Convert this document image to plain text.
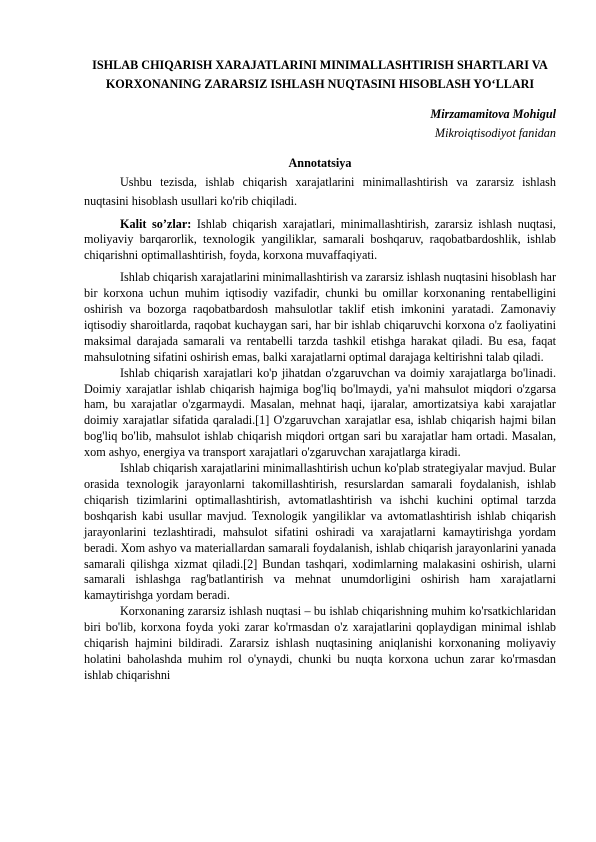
ISHLAB CHIQARISH XARAJATLARINI MINIMALLASHTIRISH SHARTLARI VA KORXONANING ZARARSIZ ISHLASH NUQTASINI HISOBLASH YO‘LLARI
Mirzamamitova Mohigul
Mikroiqtisodiyot fanidan
Annotatsiya

Ushbu tezisda, ishlab chiqarish xarajatlarini minimallashtirish va zararsiz ishlash nuqtasini hisoblash usullari ko'rib chiqiladi.

Kalit so’zlar: Ishlab chiqarish xarajatlari, minimallashtirish, zararsiz ishlash nuqtasi, moliyaviy barqarorlik, texnologik yangiliklar, samarali boshqaruv, raqobatbardoshlik, ishlab chiqarishni optimallashtirish, foyda, korxona muvaffaqiyati.

Ishlab chiqarish xarajatlarini minimallashtirish va zararsiz ishlash nuqtasini hisoblash har bir korxona uchun muhim iqtisodiy vazifadir, chunki bu omillar korxonaning rentabelligini oshirish va bozorga raqobatbardosh mahsulotlar taklif etish imkonini yaratadi. Zamonaviy iqtisodiy sharoitlarda, raqobat kuchaygan sari, har bir ishlab chiqaruvchi korxona o'z faoliyatini maksimal darajada samarali va rentabelli tarzda tashkil etishga harakat qiladi. Bu esa, faqat mahsulotning sifatini oshirish emas, balki xarajatlarni optimal darajaga keltirishni talab qiladi.

Ishlab chiqarish xarajatlari ko'p jihatdan o'zgaruvchan va doimiy xarajatlarga bo'linadi. Doimiy xarajatlar ishlab chiqarish hajmiga bog'liq bo'lmaydi, ya'ni mahsulot miqdori o'zgarsa ham, bu xarajatlar o'zgarmaydi. Masalan, mehnat haqi, ijaralar, amortizatsiya kabi xarajatlar doimiy xarajatlar sifatida qaraladi.[1] O'zgaruvchan xarajatlar esa, ishlab chiqarish hajmi bilan bog'liq bo'lib, mahsulot ishlab chiqarish miqdori ortgan sari bu xarajatlar ham ortadi. Masalan, xom ashyo, energiya va transport xarajatlari o'zgaruvchan xarajatlarga kiradi.

Ishlab chiqarish xarajatlarini minimallashtirish uchun ko'plab strategiyalar mavjud. Bular orasida texnologik jarayonlarni takomillashtirish, resurslardan samarali foydalanish, ishlab chiqarish tizimlarini optimallashtirish, avtomatlashtirish va ishchi kuchini optimal tarzda boshqarish kabi usullar mavjud. Texnologik yangiliklar va avtomatlashtirish ishlab chiqarish jarayonlarini tezlashtiradi, mahsulot sifatini oshiradi va xarajatlarni kamaytirishga yordam beradi. Xom ashyo va materiallardan samarali foydalanish, ishlab chiqarish jarayonlarini yanada samarali qilishga xizmat qiladi.[2] Bundan tashqari, xodimlarning malakasini oshirish, ularni samarali ishlashga rag'batlantirish va mehnat unumdorligini oshirish ham xarajatlarni kamaytirishga yordam beradi.

Korxonaning zararsiz ishlash nuqtasi – bu ishlab chiqarishning muhim ko'rsatkichlaridan biri bo'lib, korxona foyda yoki zarar ko'rmasdan o'z xarajatlarini qoplaydigan minimal ishlab chiqarish hajmini bildiradi. Zararsiz ishlash nuqtasining aniqlanishi korxonaning moliyaviy holatini baholashda muhim rol o'ynaydi, chunki bu nuqta korxona uchun zarar ko'rmasdan ishlab chiqarishni
